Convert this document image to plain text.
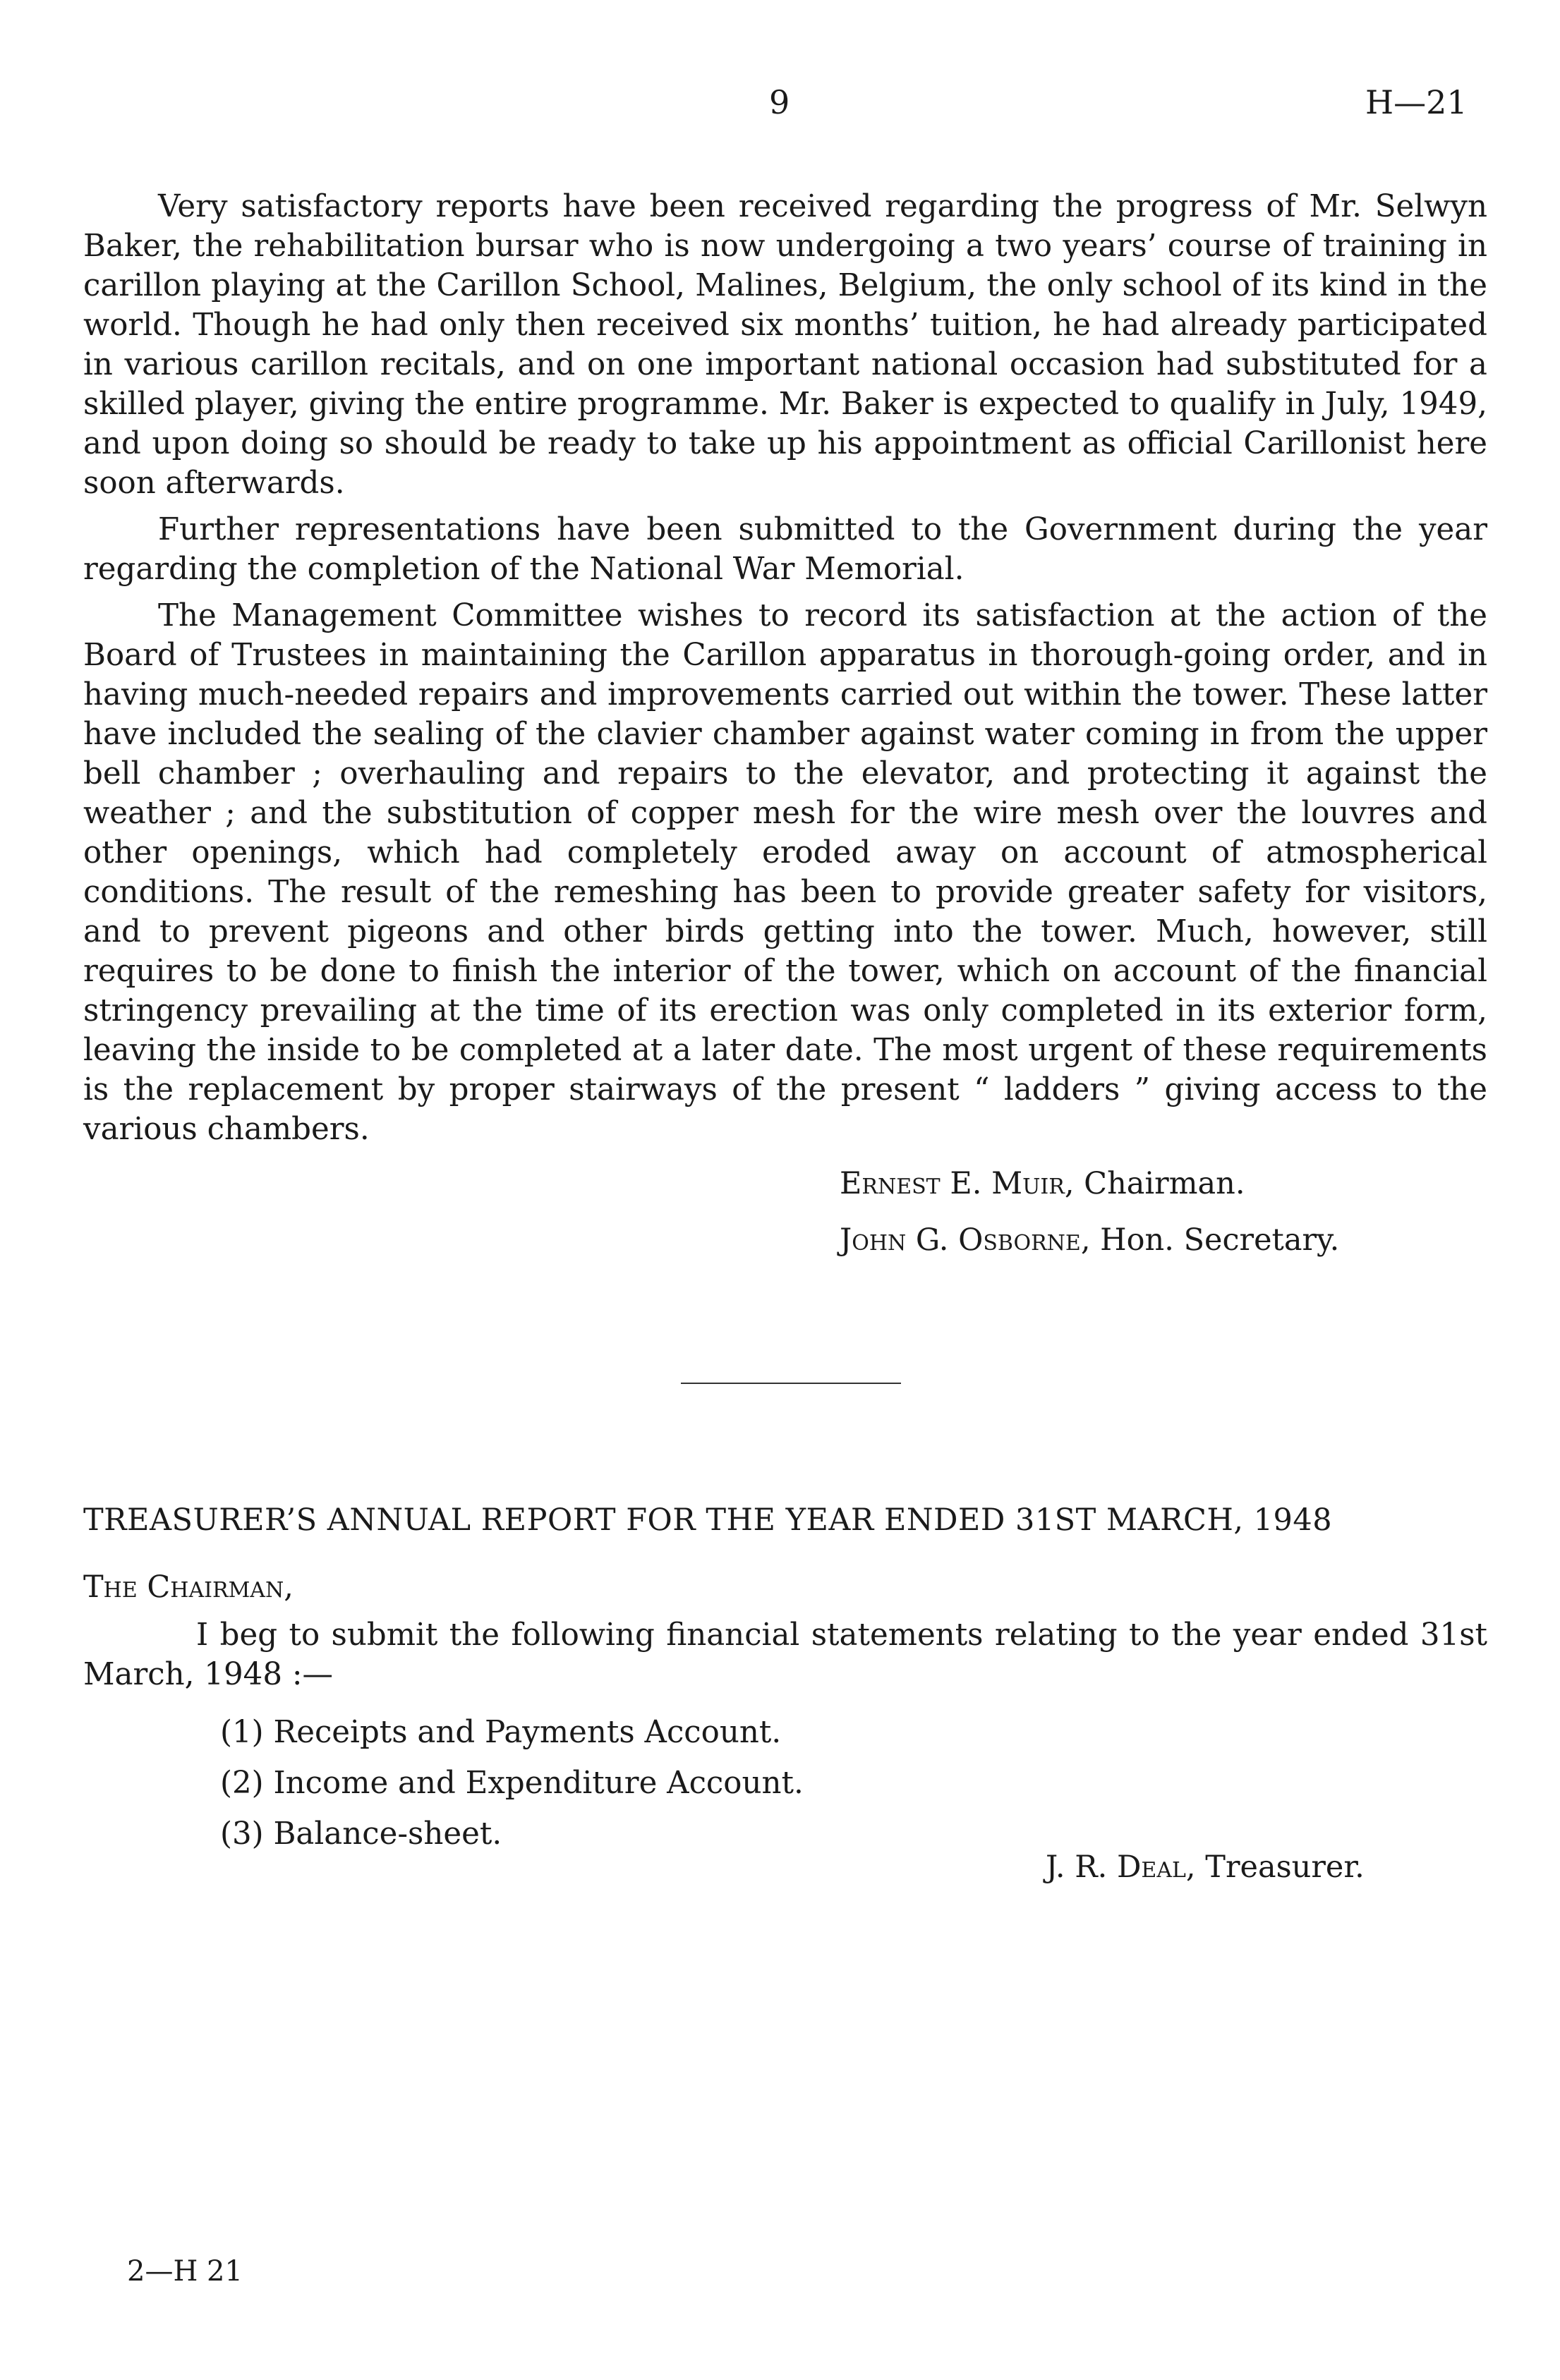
9	H—21

Very satisfactory reports have been received regarding the progress of Mr. Selwyn Baker, the rehabilitation bursar who is now undergoing a two years’ course of training in carillon playing at the Carillon School, Malines, Belgium, the only school of its kind in the world. Though he had only then received six months’ tuition, he had already participated in various carillon recitals, and on one important national occasion had substituted for a skilled player, giving the entire programme. Mr. Baker is expected to qualify in July, 1949, and upon doing so should be ready to take up his appointment as official Carillonist here soon afterwards.

Further representations have been submitted to the Government during the year regarding the completion of the National War Memorial.

The Management Committee wishes to record its satisfaction at the action of the Board of Trustees in maintaining the Carillon apparatus in thorough-going order, and in having much-needed repairs and improvements carried out within the tower. These latter have included the sealing of the clavier chamber against water coming in from the upper bell chamber ; overhauling and repairs to the elevator, and protecting it against the weather ; and the substitution of copper mesh for the wire mesh over the louvres and other openings, which had completely eroded away on account of atmospherical conditions. The result of the remeshing has been to provide greater safety for visitors, and to prevent pigeons and other birds getting into the tower. Much, however, still requires to be done to finish the interior of the tower, which on account of the financial stringency prevailing at the time of its erection was only completed in its exterior form, leaving the inside to be completed at a later date. The most urgent of these requirements is the replacement by proper stairways of the present “ ladders ” giving access to the various chambers.

Ernest E. Muir, Chairman.
John G. Osborne, Hon. Secretary.
TREASURER’S ANNUAL REPORT FOR THE YEAR ENDED 31ST MARCH, 1948
The Chairman,
I beg to submit the following financial statements relating to the year ended 31st March, 1948 :—
(1) Receipts and Payments Account.
(2) Income and Expenditure Account.
(3) Balance-sheet.
J. R. Deal, Treasurer.
2—H 21
